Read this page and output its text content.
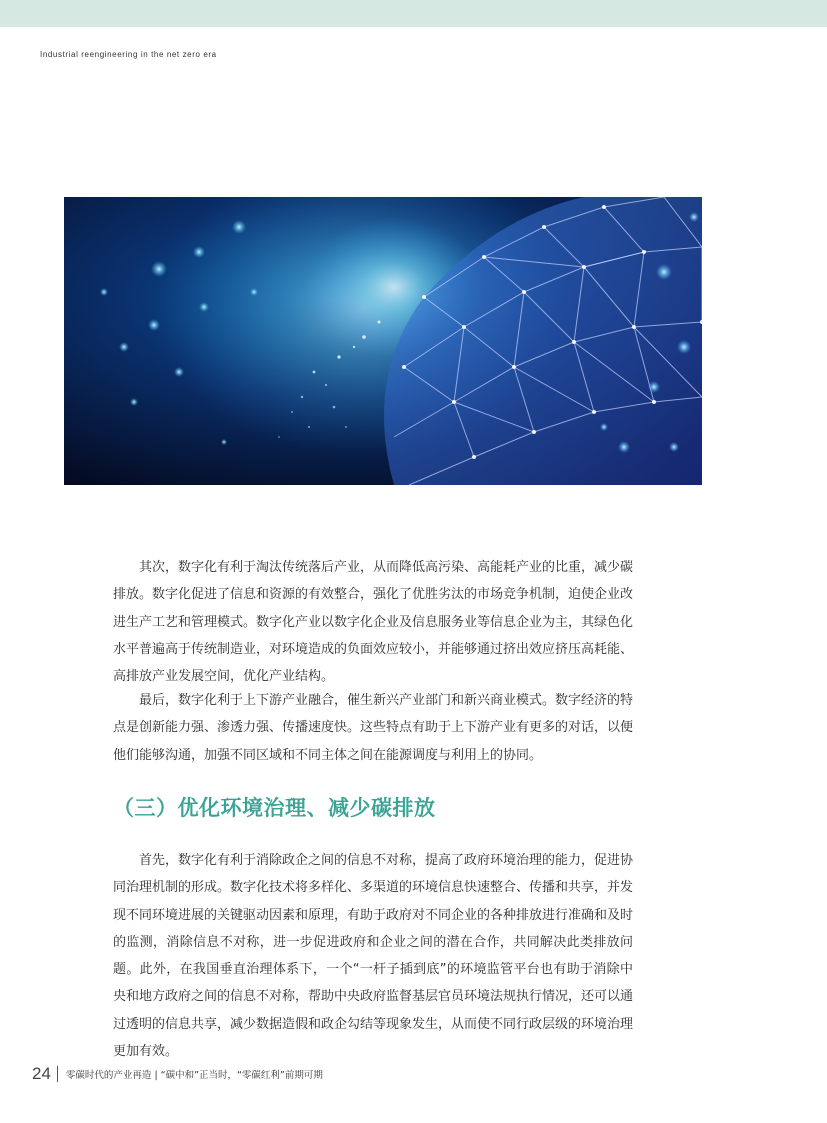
Industrial reengineering in the net zero era

其次，数字化有利于淘汰传统落后产业，从而降低高污染、高能耗产业的比重，减少碳排放。数字化促进了信息和资源的有效整合，强化了优胜劣汰的市场竞争机制，迫使企业改进生产工艺和管理模式。数字化产业以数字化企业及信息服务业等信息企业为主，其绿色化水平普遍高于传统制造业，对环境造成的负面效应较小，并能够通过挤出效应挤压高耗能、高排放产业发展空间，优化产业结构。

最后，数字化利于上下游产业融合，催生新兴产业部门和新兴商业模式。数字经济的特点是创新能力强、渗透力强、传播速度快。这些特点有助于上下游产业有更多的对话，以便他们能够沟通，加强不同区域和不同主体之间在能源调度与利用上的协同。

（三）优化环境治理、减少碳排放

首先，数字化有利于消除政企之间的信息不对称，提高了政府环境治理的能力，促进协同治理机制的形成。数字化技术将多样化、多渠道的环境信息快速整合、传播和共享，并发现不同环境进展的关键驱动因素和原理，有助于政府对不同企业的各种排放进行准确和及时的监测，消除信息不对称，进一步促进政府和企业之间的潜在合作，共同解决此类排放问题。此外，在我国垂直治理体系下，一个“一杆子插到底”的环境监管平台也有助于消除中央和地方政府之间的信息不对称，帮助中央政府监督基层官员环境法规执行情况，还可以通过透明的信息共享，减少数据造假和政企勾结等现象发生，从而使不同行政层级的环境治理更加有效。

24 零碳时代的产业再造 | “碳中和”正当时，“零碳红利”前期可期
